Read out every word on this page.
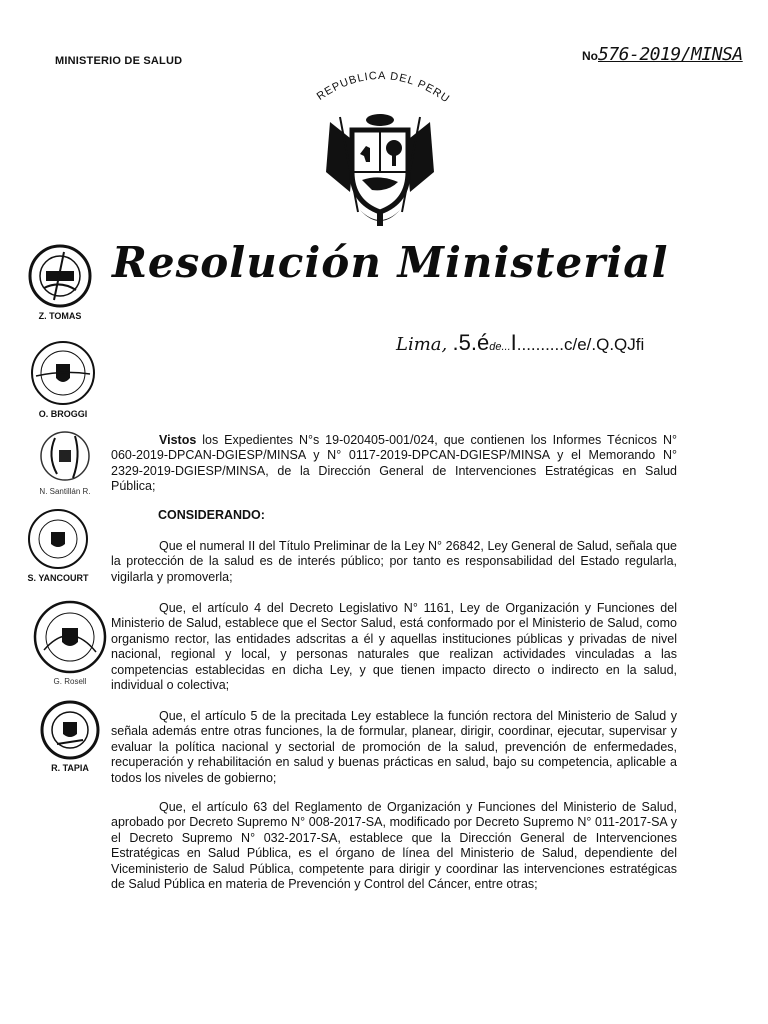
MINISTERIO DE SALUD	No576-2019/MINSA
REPUBLICA DEL PERU
Resolución Ministerial
Lima, .5.éde...I..........c/e/.Q.QJfi
Z. TOMAS
O. BROGGI
N. Santillán R.
S. YANCOURT
G. Rosell
R. TAPIA
Vistos los Expedientes N°s 19-020405-001/024, que contienen los Informes Técnicos N° 060-2019-DPCAN-DGIESP/MINSA y N° 0117-2019-DPCAN-DGIESP/MINSA y el Memorando N° 2329-2019-DGIESP/MINSA, de la Dirección General de Intervenciones Estratégicas en Salud Pública;
CONSIDERANDO:
Que el numeral II del Título Preliminar de la Ley N° 26842, Ley General de Salud, señala que la protección de la salud es de interés público; por tanto es responsabilidad del Estado regularla, vigilarla y promoverla;
Que, el artículo 4 del Decreto Legislativo N° 1161, Ley de Organización y Funciones del Ministerio de Salud, establece que el Sector Salud, está conformado por el Ministerio de Salud, como organismo rector, las entidades adscritas a él y aquellas instituciones públicas y privadas de nivel nacional, regional y local, y personas naturales que realizan actividades vinculadas a las competencias establecidas en dicha Ley, y que tienen impacto directo o indirecto en la salud, individual o colectiva;
Que, el artículo 5 de la precitada Ley establece la función rectora del Ministerio de Salud y señala además entre otras funciones, la de formular, planear, dirigir, coordinar, ejecutar, supervisar y evaluar la política nacional y sectorial de promoción de la salud, prevención de enfermedades, recuperación y rehabilitación en salud y buenas prácticas en salud, bajo su competencia, aplicable a todos los niveles de gobierno;
Que, el artículo 63 del Reglamento de Organización y Funciones del Ministerio de Salud, aprobado por Decreto Supremo N° 008-2017-SA, modificado por Decreto Supremo N° 011-2017-SA y el Decreto Supremo N° 032-2017-SA, establece que la Dirección General de Intervenciones Estratégicas en Salud Pública, es el órgano de línea del Ministerio de Salud, dependiente del Viceministerio de Salud Pública, competente para dirigir y coordinar las intervenciones estratégicas de Salud Pública en materia de Prevención y Control del Cáncer, entre otras;
